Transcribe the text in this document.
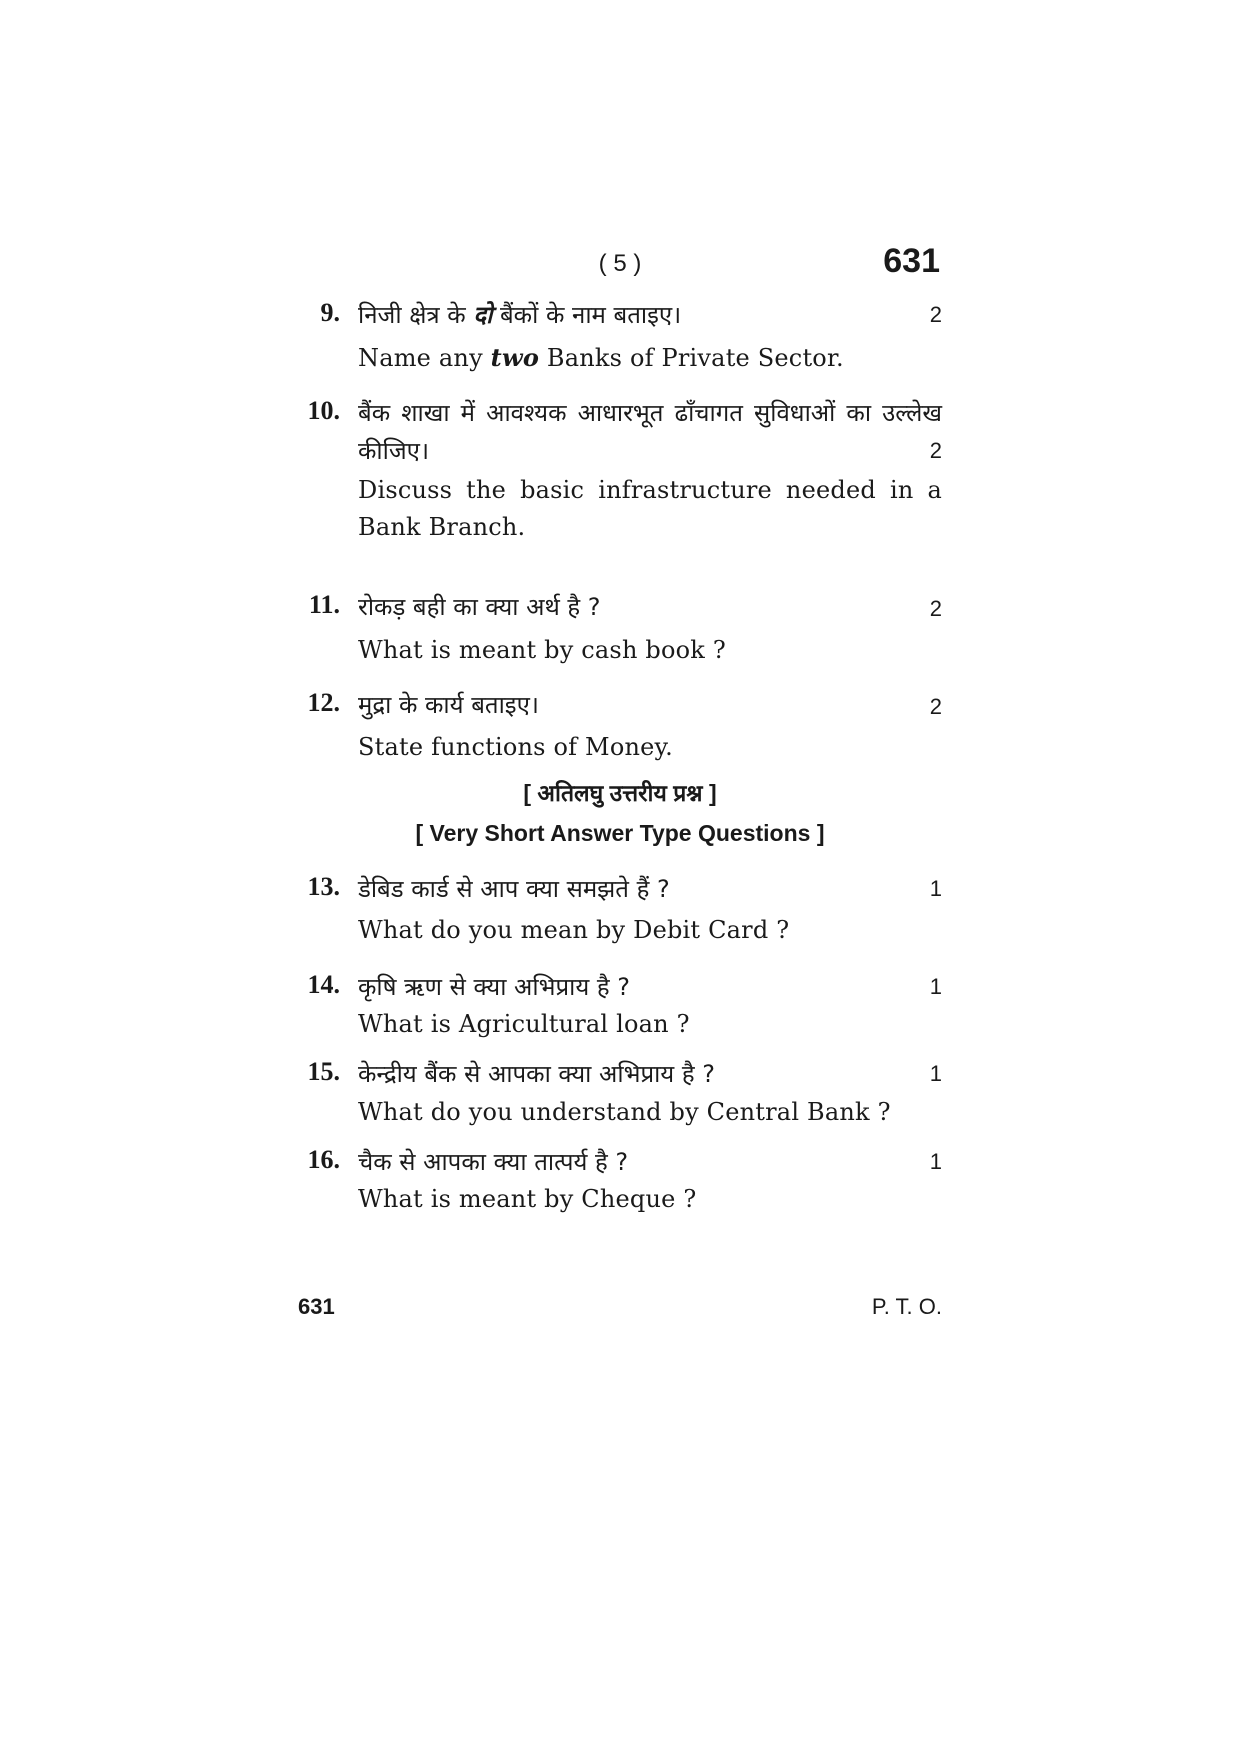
( 5 )	631
9. निजी क्षेत्र के दो बैंकों के नाम बताइए।	2
Name any two Banks of Private Sector.
10. बैंक शाखा में आवश्यक आधारभूत ढाँचागत सुविधाओं का उल्लेख
कीजिए।	2
Discuss the basic infrastructure needed in a
Bank Branch.
11. रोकड़ बही का क्या अर्थ है ?	2
What is meant by cash book ?
12. मुद्रा के कार्य बताइए।	2
State functions of Money.
[ अतिलघु उत्तरीय प्रश्न ]
[ Very Short Answer Type Questions ]
13. डेबिड कार्ड से आप क्या समझते हैं ?	1
What do you mean by Debit Card ?
14. कृषि ऋण से क्या अभिप्राय है ?	1
What is Agricultural loan ?
15. केन्द्रीय बैंक से आपका क्या अभिप्राय है ?	1
What do you understand by Central Bank ?
16. चैक से आपका क्या तात्पर्य है ?	1
What is meant by Cheque ?
631	P. T. O.
